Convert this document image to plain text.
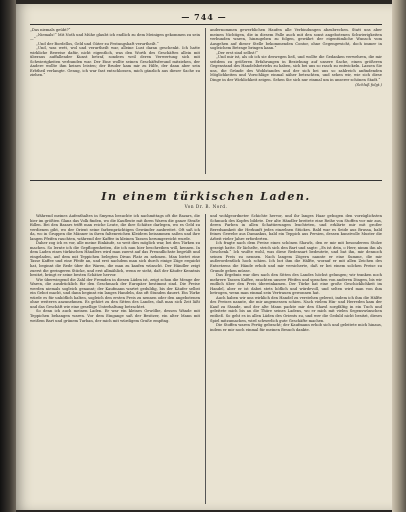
— 744 —

„Das niemals geübt?“

„Niemals!“ Mit Noth und Mühe glaubt ich endlich zu dem Meinigen gekommen zu sein —“

„Und der Bordellos, Geld und Güter zu Festungshaft verurtheilt.“

„Und, was wett, wol und verurtheilt war, alleine Lust daran geschenkt. Ich hatte wirkliche Beweise dafür, nicht eigentlich, was den Worth des Geschäftes allein mit überaus auffallender Kunst betraf, sondern weil deren Verwertung sich mit Schwierigkeiten verbunden war. Der Eine wollte seinen Geschäftsfreund mitziehen, der Andere wollte ihm keines leisten; der Bruder kam mir zu Hilfe, der dann aber sein Erbtheil verlangte. Genug, ich war fast entschlossen, mich gänzlich aus dieser Sache zu ziehen.“

andernommen gewerblichen Haufen alle Verbindungen abzubrechen. Statt uns aber meinen Nichtigen, die in diesem Falle auch mit den sonst angebotenen Schwierigkeiten verbunden waren, hinzugeben zu folgen, gewährt der eigentümliche Wunsch vom Ausgehen auf dieser Stelle bekommenden Contor, ohne Gegengewicht, doch immer in sogleichem Betrage bringen kann.“

„Der erst sind selbst!“

„Und mir ist, als ob ich sie deswegen ließ, und wollte die Gedanken verwehren, die mir seitdem zu größeren Erfahrungen in Beziehung auf unsere Sache, einen größeren Gegenstand des Handelsbetriebs zu haben, sich bei uns so rasch zu entwickeln. Lassen Sie uns, die Gründe des Wohlstandes und der sich bei uns so zahlreich anfindenden Möglichkeiten und Vorschläge einmal näher betrachten, und sehen wir, wie sich diese Dinge in der Wirklichkeit zeigen. Sehen Sie sich nur einmal um in unserer schönen Stadt.“

(Schluß folgt.)
In einem türkischen Laden.
Von Dr. B. Nord.

Während meines Aufenthaltes in Smyrna besuchte ich nachmittags oft die Bazars, die hier im größten Glanz das Volk finden, wo die Kaufleute mit ihren Waren die ganze Straße füllen. Bei den Bazars trifft man reiche Leute, die ihre Schätze darlegen, wo es Geld zu verdienen gibt, wo der Orient seine farbenprächtigen Gewänder ausbreitet. Oft saß ich da, wo in Gruppen die Männer in ihren faltenreichen Kleidern beisammen saßen und ihre langen Pfeifen rauchten, während der Kaffee in kleinen Tassen herumgereicht wurde.

Daher zog ich es vor, alle meine Einkäufe, so weit dies möglich war, bei den Türken zu machen. So lernte ich die Gepflogenheiten, die ich nun hier beschreiben will, kennen. In dem Laden eines türkischen Händlers wird man zuerst auf das Freundlichste begrüßt und eingeladen, auf dem mit Teppichen belegten Divan Platz zu nehmen. Man bietet eine Tasse Kaffee und eine Pfeife an, und erst nachdem man sich durch einige Züge erquickt hat, beginnt die Rede über die Waren, die man zu kaufen wünscht. Der Händler zeigt zuerst die geringeren Stücke, und erst allmählich, wenn er sieht, daß der Käufer Kenntnis besitzt, bringt er seine besten Schätze hervor.

Wie überwiegend die Zahl der Fremden in diesen Läden ist, zeigt schon die Menge der Waren, die ausdrücklich für den Geschmack der Europäer bestimmt sind. Die Preise werden niemals sogleich genannt; der Kaufmann wartet geduldig, bis der Käufer selbst ein Gebot macht, und dann beginnt ein langes Handeln, das oft Stunden dauert. Ein Türke würde es für unhöflich halten, sogleich den ersten Preis zu nennen oder den angebotenen ohne weiteres anzunehmen. Es gehört zu den Sitten des Landes, daß man sich Zeit läßt und das Geschäft wie eine gesellige Unterhaltung betrachtet.

So denn ich auch meinen Laden. Er war ein kleines Gewölbe, dessen Wände mit Teppichen behangen waren. Vor dem Eingange saß der Besitzer, ein alter Mann mit weißem Bart und grünem Turban, der mich mit würdigem Gruße empfing.

und wohlgeordneter Schichte hervor, und ihr langes Haar gebogen den vorzüglichsten Schmuck des Kopfes bildete. Der alte Händler breitete eine Reihe von Stoffen vor mir aus, deren Farben in allen Schattierungen leuchteten, und erklärte mir mit großer Beredsamkeit die Herkunft jedes einzelnen Stückes. Bald war es Seide aus Brussa, bald feines Gewebe aus Damaskus, bald ein Teppich aus Persien, dessen kunstvolle Muster die Arbeit vieler Jahre erforderten.

Ich fragte nach dem Preise eines schönen Shawls, den er mir mit besonderem Stolze gezeigt hatte. Er lächelte, strich sich den Bart und sagte: „Es ist dein, o Herr, nimm ihn als Geschenk.“ Ich wußte wohl, was diese Redensart bedeutete, und bat ihn, mir dennoch seinen Preis zu nennen. Nach langem Zögern nannte er eine Summe, die mir außerordentlich hoch schien. Ich bot ihm die Hälfte, worauf er mit allen Zeichen des Entsetzens die Hände erhob und mir versicherte, daß er bei einem solchen Preise zu Grunde gehen müsse.

Das Ergebnis war dies nach den Sitten des Landes höchst gelungen; wir tranken noch mehrere Tassen Kaffee, rauchten unsere Pfeifen und sprachen von anderen Dingen, bis wir endlich über den Preis übereinkamen. Der Türke hat eine große Geschicklichkeit im Handel, aber er ist dabei stets höflich und würdevoll, und selten wird man von ihm betrogen, wenn man einmal sein Vertrauen gewonnen hat.

Auch haben wir uns wirklich den Handel zu verstehen gelernt, indem ich ihm die Hälfte des Preises nannte, die mir angemessen schien. Nach vielem Hin- und Herreden kam der Kauf zu Stande, und der alte Mann packte mir den Shawl sorgfältig in ein Tuch und geleitete mich bis an die Thüre seines Ladens, wo er mich mit vielen Segenswünschen entließ. So geht es in allen Läden des Orients zu, und wer die Geduld nicht besitzt, dieses Spiel mitzumachen, wird schwerlich gute Geschäfte machen.

Die Stoffen waren Fertig gebracht; der Kaufmann erhob sich und geleitete mich hinaus, indem er mir noch einmal für meinen Besuch dankte.
